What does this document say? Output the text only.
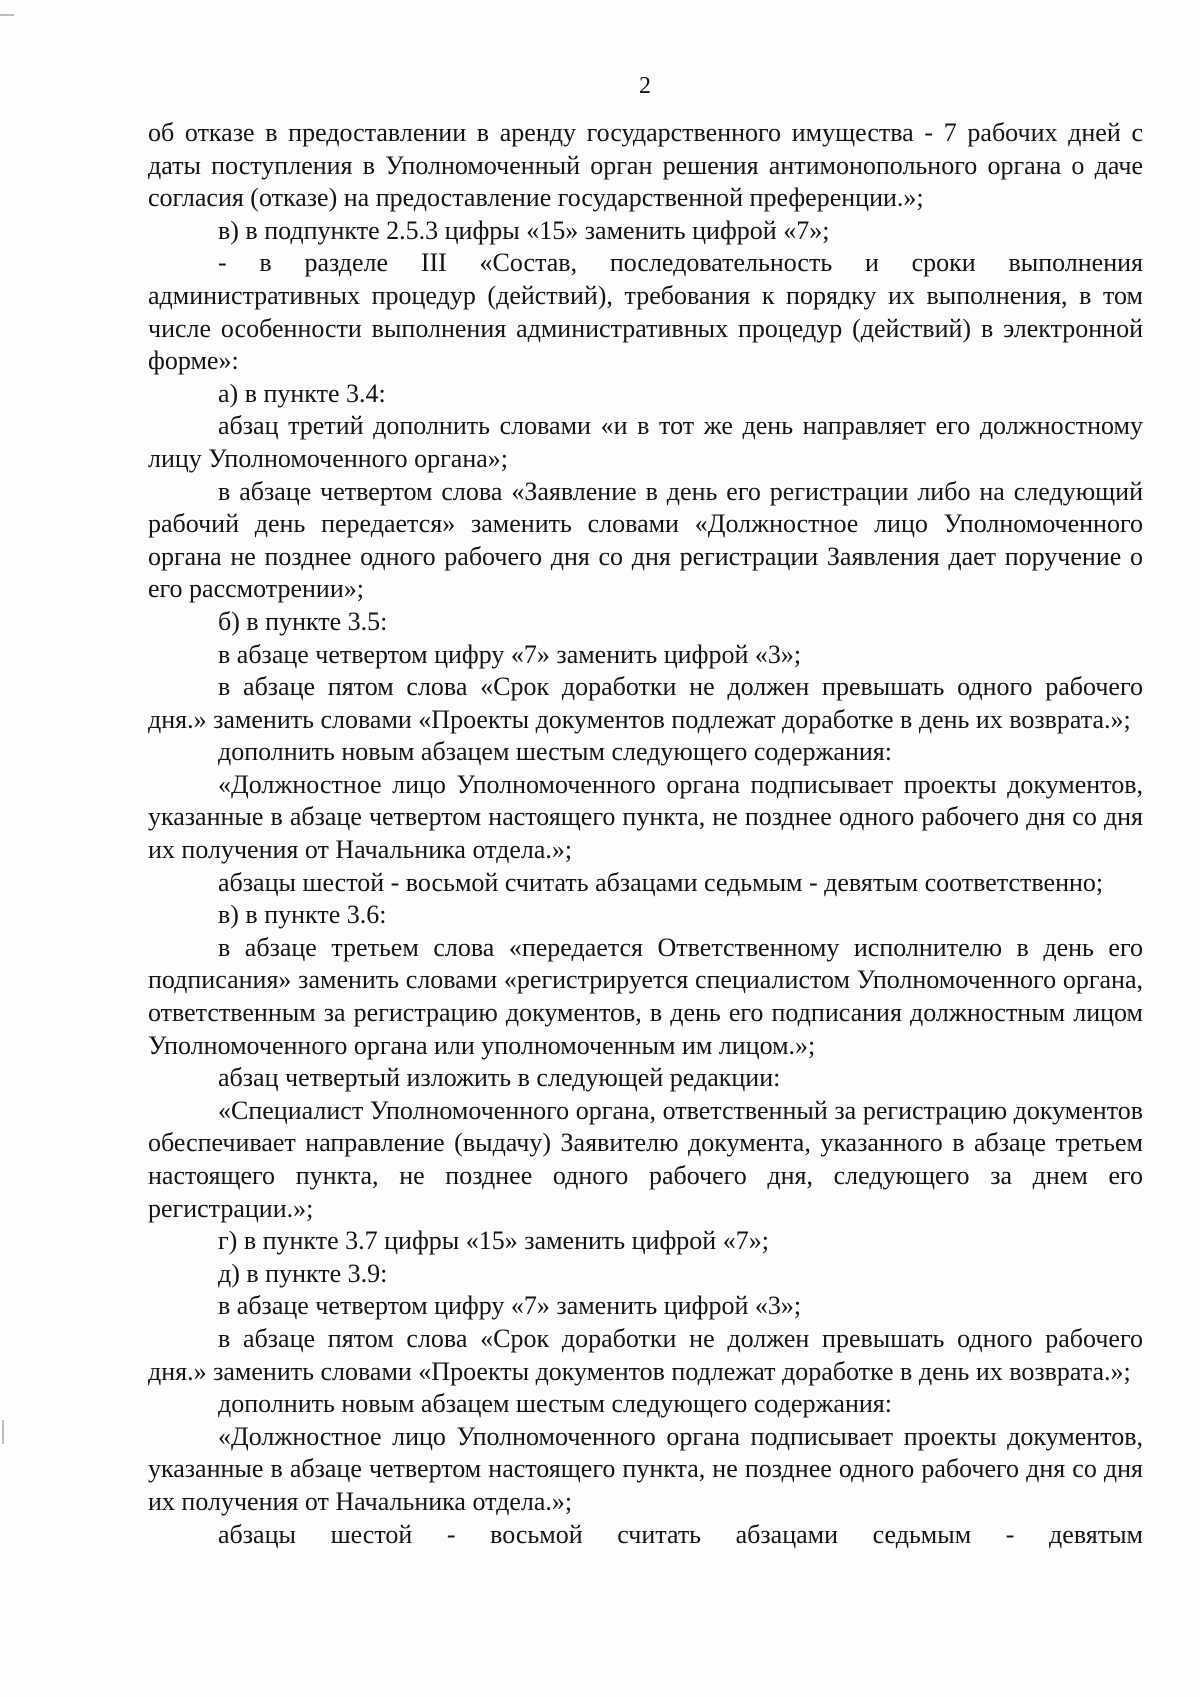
2

об отказе в предоставлении в аренду государственного имущества - 7 рабочих дней с даты поступления в Уполномоченный орган решения антимонопольного органа о даче согласия (отказе) на предоставление государственной преференции.»;

в) в подпункте 2.5.3 цифры «15» заменить цифрой «7»;

- в разделе III «Состав, последовательность и сроки выполнения административных процедур (действий), требования к порядку их выполнения, в том числе особенности выполнения административных процедур (действий) в электронной форме»:

а) в пункте 3.4:

абзац третий дополнить словами «и в тот же день направляет его должностному лицу Уполномоченного органа»;

в абзаце четвертом слова «Заявление в день его регистрации либо на следующий рабочий день передается» заменить словами «Должностное лицо Уполномоченного органа не позднее одного рабочего дня со дня регистрации Заявления дает поручение о его рассмотрении»;

б) в пункте 3.5:

в абзаце четвертом цифру «7» заменить цифрой «3»;

в абзаце пятом слова «Срок доработки не должен превышать одного рабочего дня.» заменить словами «Проекты документов подлежат доработке в день их возврата.»;

дополнить новым абзацем шестым следующего содержания:

«Должностное лицо Уполномоченного органа подписывает проекты документов, указанные в абзаце четвертом настоящего пункта, не позднее одного рабочего дня со дня их получения от Начальника отдела.»;

абзацы шестой - восьмой считать абзацами седьмым - девятым соответственно;

в) в пункте 3.6:

в абзаце третьем слова «передается Ответственному исполнителю в день его подписания» заменить словами «регистрируется специалистом Уполномоченного органа, ответственным за регистрацию документов, в день его подписания должностным лицом Уполномоченного органа или уполномоченным им лицом.»;

абзац четвертый изложить в следующей редакции:

«Специалист Уполномоченного органа, ответственный за регистрацию документов обеспечивает направление (выдачу) Заявителю документа, указанного в абзаце третьем настоящего пункта, не позднее одного рабочего дня, следующего за днем его регистрации.»;

г) в пункте 3.7 цифры «15» заменить цифрой «7»;

д) в пункте 3.9:

в абзаце четвертом цифру «7» заменить цифрой «3»;

в абзаце пятом слова «Срок доработки не должен превышать одного рабочего дня.» заменить словами «Проекты документов подлежат доработке в день их возврата.»;

дополнить новым абзацем шестым следующего содержания:

«Должностное лицо Уполномоченного органа подписывает проекты документов, указанные в абзаце четвертом настоящего пункта, не позднее одного рабочего дня со дня их получения от Начальника отдела.»;

абзацы шестой - восьмой считать абзацами седьмым - девятым
